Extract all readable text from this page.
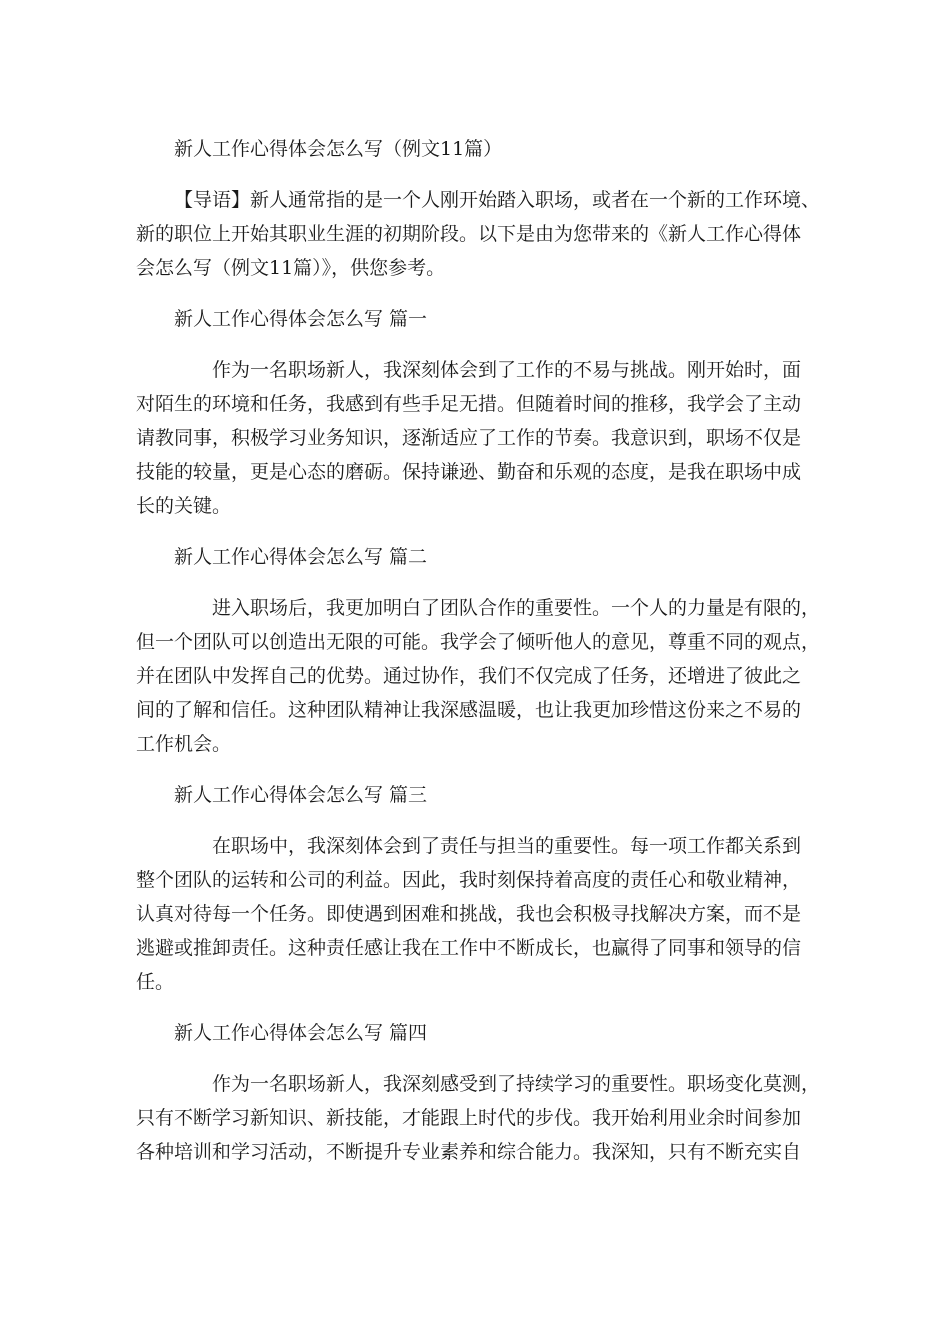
新人工作心得体会怎么写（例文11篇）

【导语】新人通常指的是一个人刚开始踏入职场，或者在一个新的工作环境、

新的职位上开始其职业生涯的初期阶段。以下是由为您带来的《新人工作心得体

会怎么写（例文11篇）》，供您参考。

新人工作心得体会怎么写 篇一

作为一名职场新人，我深刻体会到了工作的不易与挑战。刚开始时，面

对陌生的环境和任务，我感到有些手足无措。但随着时间的推移，我学会了主动

请教同事，积极学习业务知识，逐渐适应了工作的节奏。我意识到，职场不仅是

技能的较量，更是心态的磨砺。保持谦逊、勤奋和乐观的态度，是我在职场中成

长的关键。

新人工作心得体会怎么写 篇二

进入职场后，我更加明白了团队合作的重要性。一个人的力量是有限的，

但一个团队可以创造出无限的可能。我学会了倾听他人的意见，尊重不同的观点，

并在团队中发挥自己的优势。通过协作，我们不仅完成了任务，还增进了彼此之

间的了解和信任。这种团队精神让我深感温暖，也让我更加珍惜这份来之不易的

工作机会。

新人工作心得体会怎么写 篇三

在职场中，我深刻体会到了责任与担当的重要性。每一项工作都关系到

整个团队的运转和公司的利益。因此，我时刻保持着高度的责任心和敬业精神，

认真对待每一个任务。即使遇到困难和挑战，我也会积极寻找解决方案，而不是

逃避或推卸责任。这种责任感让我在工作中不断成长，也赢得了同事和领导的信

任。

新人工作心得体会怎么写 篇四

作为一名职场新人，我深刻感受到了持续学习的重要性。职场变化莫测，

只有不断学习新知识、新技能，才能跟上时代的步伐。我开始利用业余时间参加

各种培训和学习活动，不断提升专业素养和综合能力。我深知，只有不断充实自
